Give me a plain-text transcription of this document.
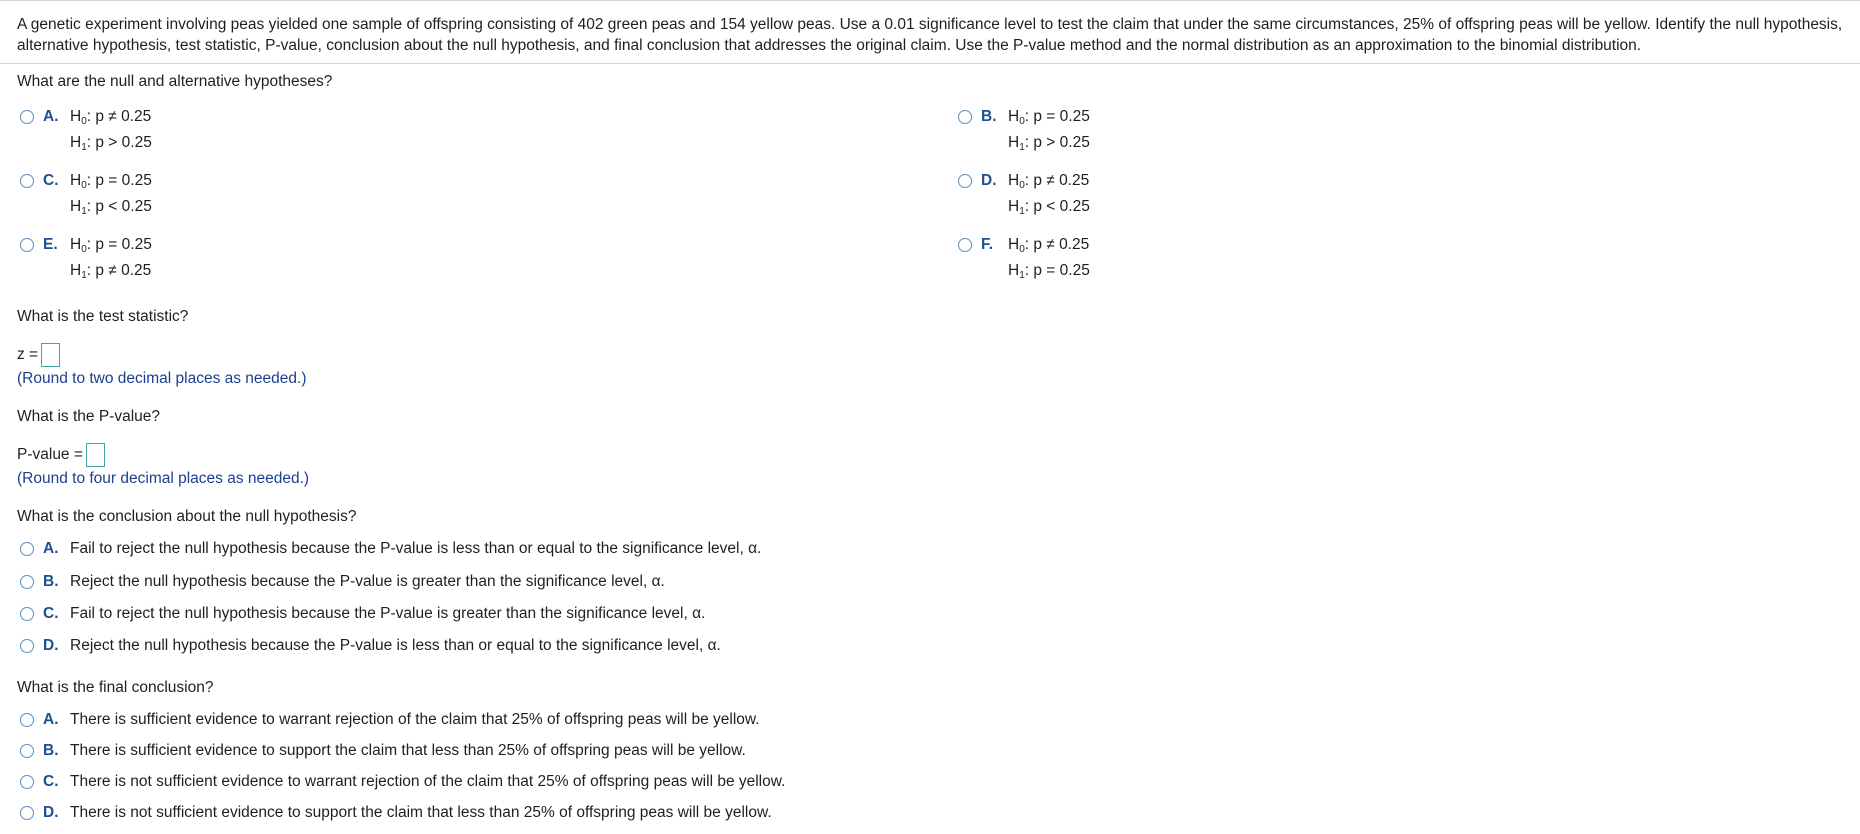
A genetic experiment involving peas yielded one sample of offspring consisting of 402 green peas and 154 yellow peas. Use a 0.01 significance level to test the claim that under the same circumstances, 25% of offspring peas will be yellow. Identify the null hypothesis, alternative hypothesis, test statistic, P-value, conclusion about the null hypothesis, and final conclusion that addresses the original claim. Use the P-value method and the normal distribution as an approximation to the binomial distribution.
What are the null and alternative hypotheses?
A. $H_0$: p ≠ 0.25
$H_1$: p > 0.25
B. $H_0$: p = 0.25
$H_1$: p > 0.25
C. $H_0$: p = 0.25
$H_1$: p < 0.25
D. $H_0$: p ≠ 0.25
$H_1$: p < 0.25
E. $H_0$: p = 0.25
$H_1$: p ≠ 0.25
F. $H_0$: p ≠ 0.25
$H_1$: p = 0.25
What is the test statistic?
z =
(Round to two decimal places as needed.)
What is the P-value?
P-value =
(Round to four decimal places as needed.)
What is the conclusion about the null hypothesis?
A. Fail to reject the null hypothesis because the P-value is less than or equal to the significance level, α.
B. Reject the null hypothesis because the P-value is greater than the significance level, α.
C. Fail to reject the null hypothesis because the P-value is greater than the significance level, α.
D. Reject the null hypothesis because the P-value is less than or equal to the significance level, α.
What is the final conclusion?
A. There is sufficient evidence to warrant rejection of the claim that 25% of offspring peas will be yellow.
B. There is sufficient evidence to support the claim that less than 25% of offspring peas will be yellow.
C. There is not sufficient evidence to warrant rejection of the claim that 25% of offspring peas will be yellow.
D. There is not sufficient evidence to support the claim that less than 25% of offspring peas will be yellow.
